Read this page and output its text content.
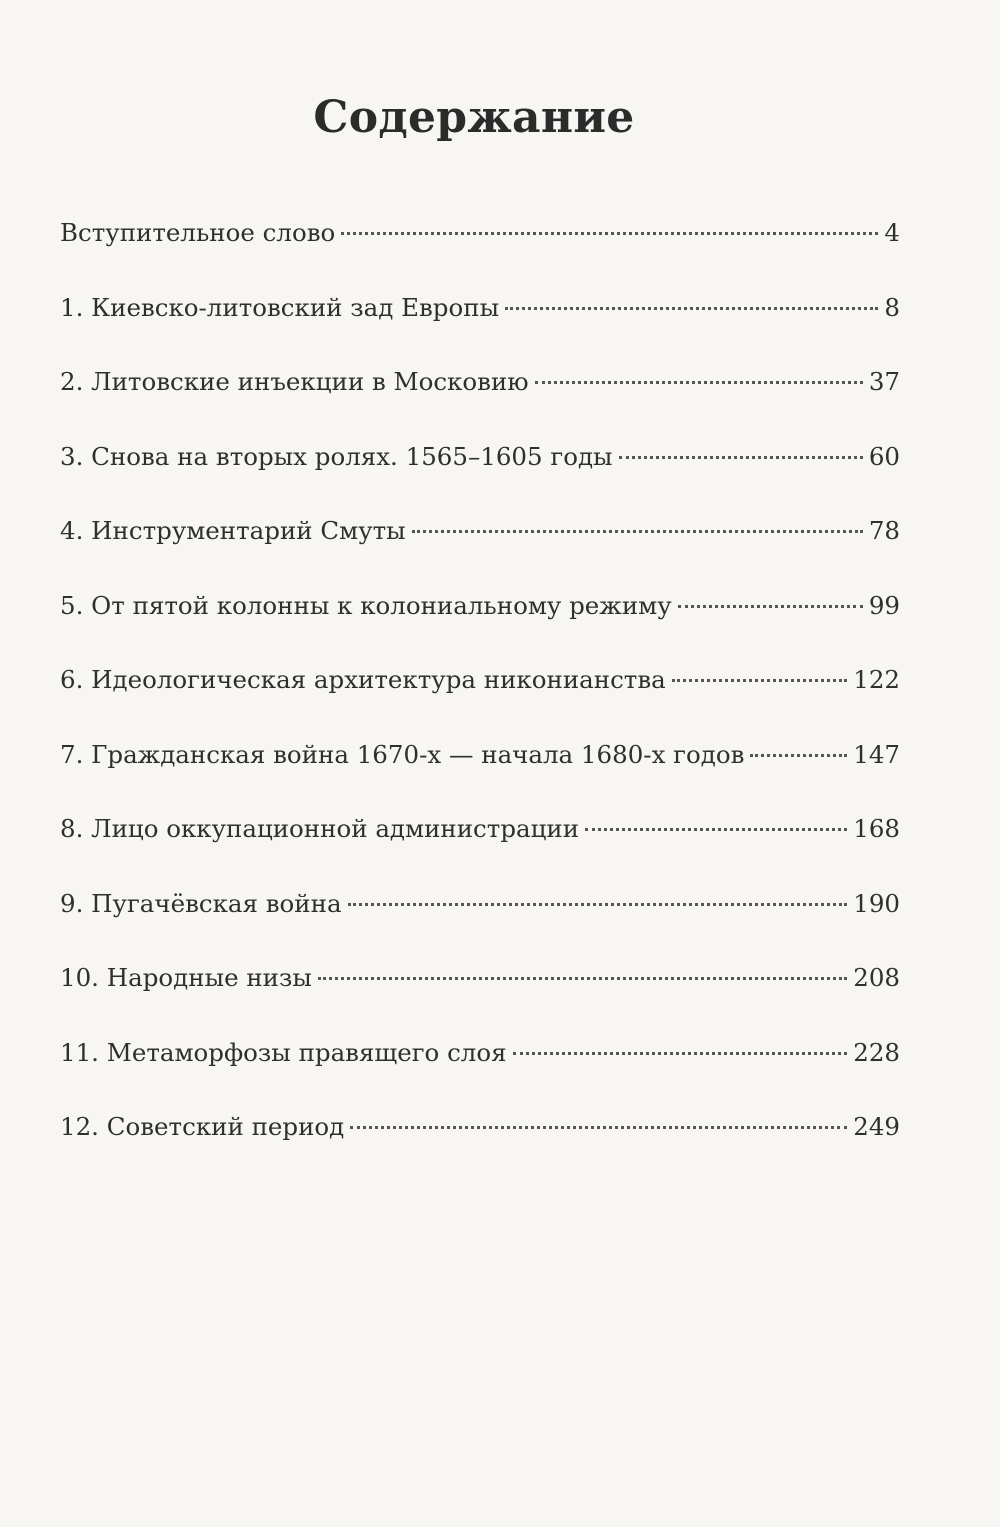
Содержание
Вступительное слово	4
1. Киевско-литовский зад Европы	8
2. Литовские инъекции в Московию	37
3. Снова на вторых ролях. 1565–1605 годы	60
4. Инструментарий Смуты	78
5. От пятой колонны к колониальному режиму	99
6. Идеологическая архитектура никонианства	122
7. Гражданская война 1670-х — начала 1680-х годов	147
8. Лицо оккупационной администрации	168
9. Пугачёвская война	190
10. Народные низы	208
11. Метаморфозы правящего слоя	228
12. Советский период	249
